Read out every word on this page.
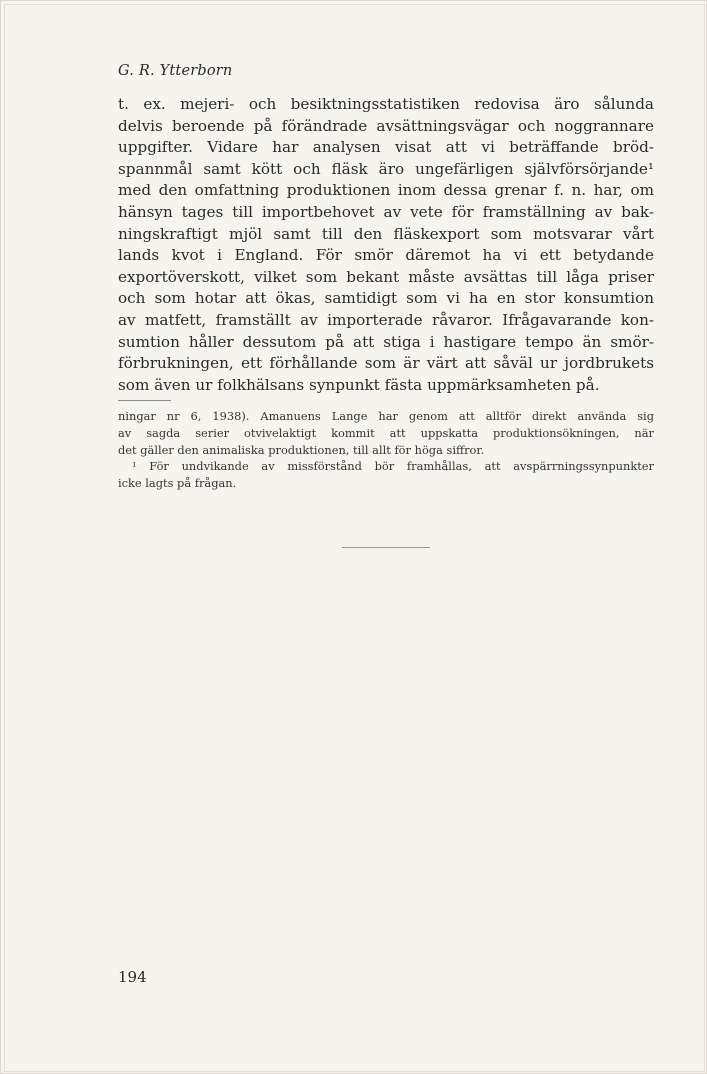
G. R. Ytterborn
t. ex. mejeri- och besiktningsstatistiken redovisa äro sålunda
delvis beroende på förändrade avsättningsvägar och noggrannare
uppgifter. Vidare har analysen visat att vi beträffande bröd-
spannmål samt kött och fläsk äro ungefärligen självförsörjande¹
med den omfattning produktionen inom dessa grenar f. n. har, om
hänsyn tages till importbehovet av vete för framställning av bak-
ningskraftigt mjöl samt till den fläskexport som motsvarar vårt
lands kvot i England. För smör däremot ha vi ett betydande
exportöverskott, vilket som bekant måste avsättas till låga priser
och som hotar att ökas, samtidigt som vi ha en stor konsumtion
av matfett, framställt av importerade råvaror. Ifrågavarande kon-
sumtion håller dessutom på att stiga i hastigare tempo än smör-
förbrukningen, ett förhållande som är värt att såväl ur jordbrukets
som även ur folkhälsans synpunkt fästa uppmärksamheten på.
ningar nr 6, 1938). Amanuens Lange har genom att alltför direkt använda sig
av sagda serier otvivelaktigt kommit att uppskatta produktionsökningen, när
det gäller den animaliska produktionen, till allt för höga siffror.
¹ För undvikande av missförstånd bör framhållas, att avspärrningssynpunkter
icke lagts på frågan.
194
